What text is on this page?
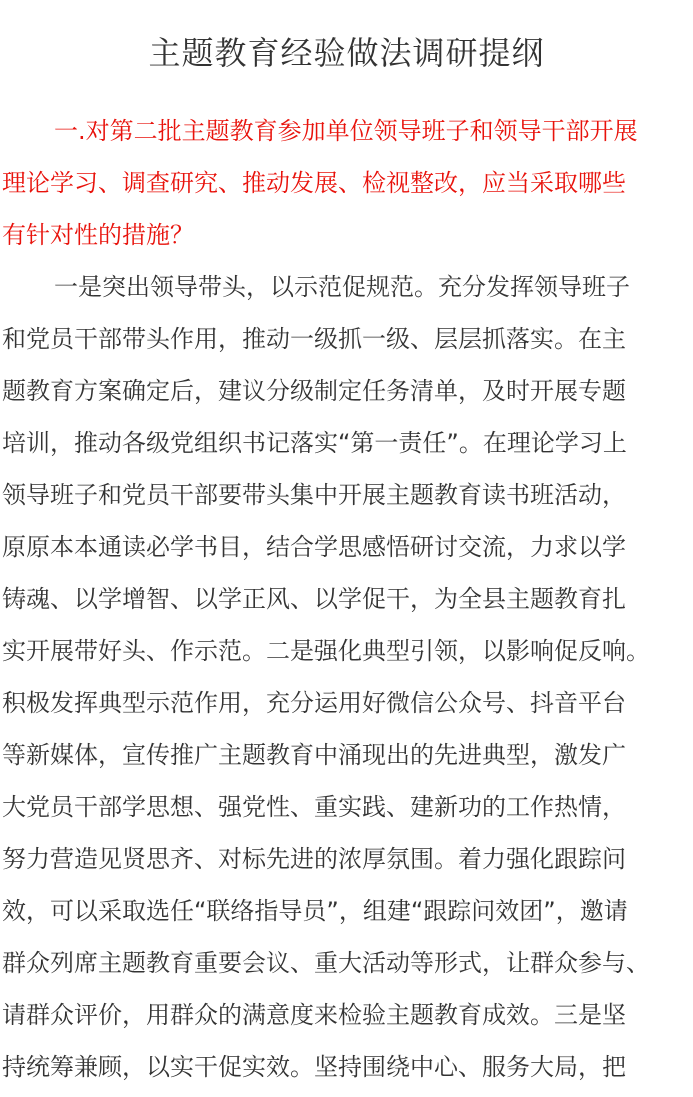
主题教育经验做法调研提纲
一.对第二批主题教育参加单位领导班子和领导干部开展
理论学习、调查研究、推动发展、检视整改，应当采取哪些
有针对性的措施？
一是突出领导带头，以示范促规范。充分发挥领导班子
和党员干部带头作用，推动一级抓一级、层层抓落实。在主
题教育方案确定后，建议分级制定任务清单，及时开展专题
培训，推动各级党组织书记落实“第一责任”。在理论学习上
领导班子和党员干部要带头集中开展主题教育读书班活动，
原原本本通读必学书目，结合学思感悟研讨交流，力求以学
铸魂、以学增智、以学正风、以学促干，为全县主题教育扎
实开展带好头、作示范。二是强化典型引领，以影响促反响。
积极发挥典型示范作用，充分运用好微信公众号、抖音平台
等新媒体，宣传推广主题教育中涌现出的先进典型，激发广
大党员干部学思想、强党性、重实践、建新功的工作热情，
努力营造见贤思齐、对标先进的浓厚氛围。着力强化跟踪问
效，可以采取选任“联络指导员”，组建“跟踪问效团”，邀请
群众列席主题教育重要会议、重大活动等形式，让群众参与、
请群众评价，用群众的满意度来检验主题教育成效。三是坚
持统筹兼顾，以实干促实效。坚持围绕中心、服务大局，把
